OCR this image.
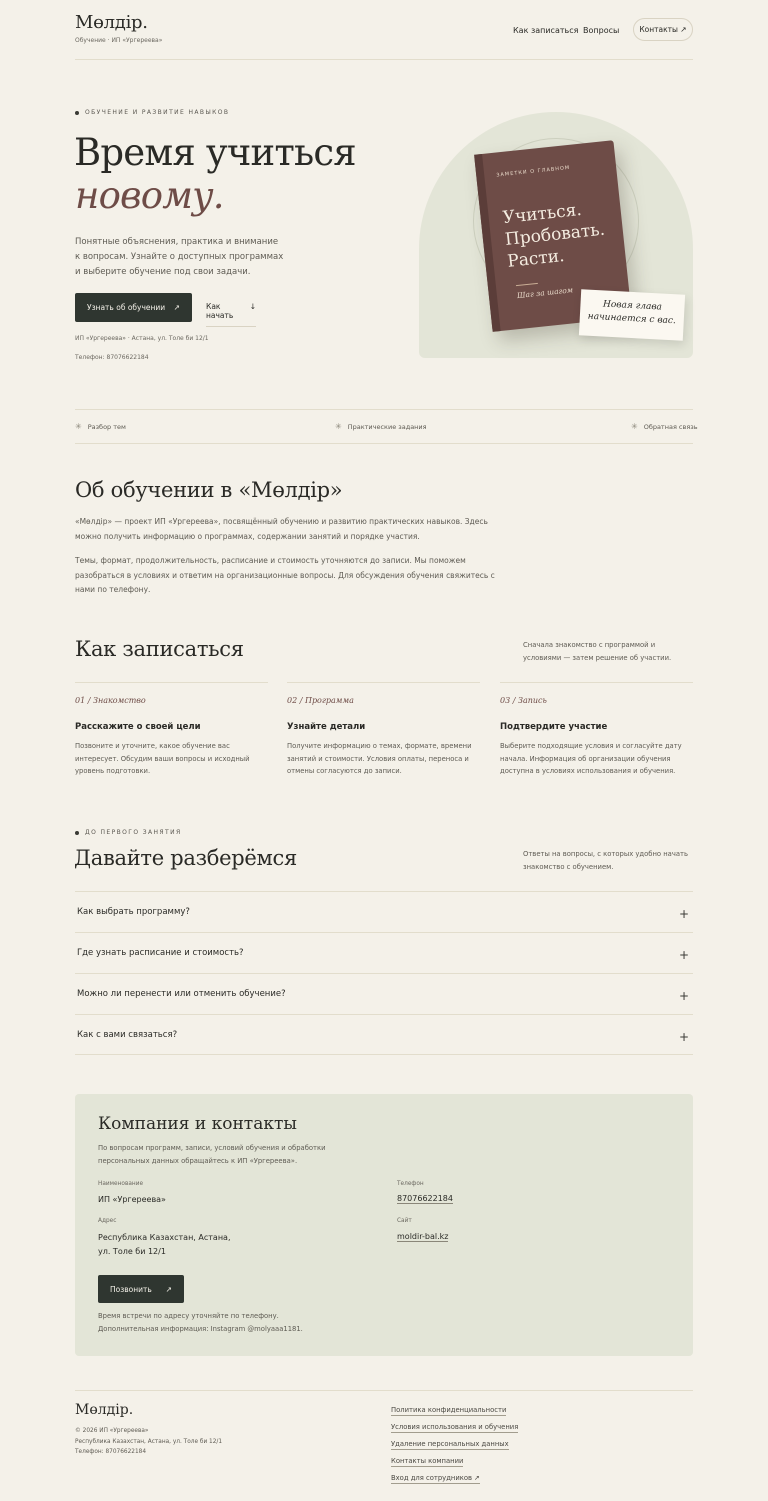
Мөлдір.
Обучение · ИП «Ургереева»
Как записаться Вопросы	Контакты ↗
ОБУЧЕНИЕ И РАЗВИТИЕ НАВЫКОВ
Время учиться
новому.
Понятные объяснения, практика и внимание к вопросам. Узнайте о доступных программах и выберите обучение под свои задачи.
Узнать об обучении ↗	Как начать
↓
ИП «Ургереева» · Астана, ул. Толе би 12/1
Телефон: 87076622184
ЗАМЕТКИ О ГЛАВНОМ
Учиться. Пробовать. Расти.
Шаг за шагом
Новая глава начинается с вас.
✳ Разбор тем	✳ Практические задания	✳ Обратная связь
Об обучении в «Мөлдір»
«Мөлдір» — проект ИП «Ургереева», посвящённый обучению и развитию практических навыков. Здесь можно получить информацию о программах, содержании занятий и порядке участия.
Темы, формат, продолжительность, расписание и стоимость уточняются до записи. Мы поможем разобраться в условиях и ответим на организационные вопросы. Для обсуждения обучения свяжитесь с нами по телефону.
Как записаться	Сначала знакомство с программой и условиями — затем решение об участии.
01 / Знакомство
Расскажите о своей цели
Позвоните и уточните, какое обучение вас интересует. Обсудим ваши вопросы и исходный уровень подготовки.
02 / Программа
Узнайте детали
Получите информацию о темах, формате, времени занятий и стоимости. Условия оплаты, переноса и отмены согласуются до записи.
03 / Запись
Подтвердите участие
Выберите подходящие условия и согласуйте дату начала. Информация об организации обучения доступна в условиях использования и обучения.
ДО ПЕРВОГО ЗАНЯТИЯ
Давайте разберёмся	Ответы на вопросы, с которых удобно начать знакомство с обучением.
Как выбрать программу?	+
Где узнать расписание и стоимость?	+
Можно ли перенести или отменить обучение?	+
Как с вами связаться?	+
Компания и контакты
По вопросам программ, записи, условий обучения и обработки персональных данных обращайтесь к ИП «Ургереева».
Наименование
ИП «Ургереева»
Телефон
87076622184
Адрес
Республика Казахстан, Астана,
ул. Толе би 12/1
Сайт
moldir-bal.kz
Позвонить ↗
Время встречи по адресу уточняйте по телефону. Дополнительная информация: Instagram @molyaaa1181.
Мөлдір.
© 2026 ИП «Ургереева»
Республика Казахстан, Астана, ул. Толе би 12/1
Телефон: 87076622184
Политика конфиденциальности
Условия использования и обучения
Удаление персональных данных
Контакты компании
Вход для сотрудников ↗
